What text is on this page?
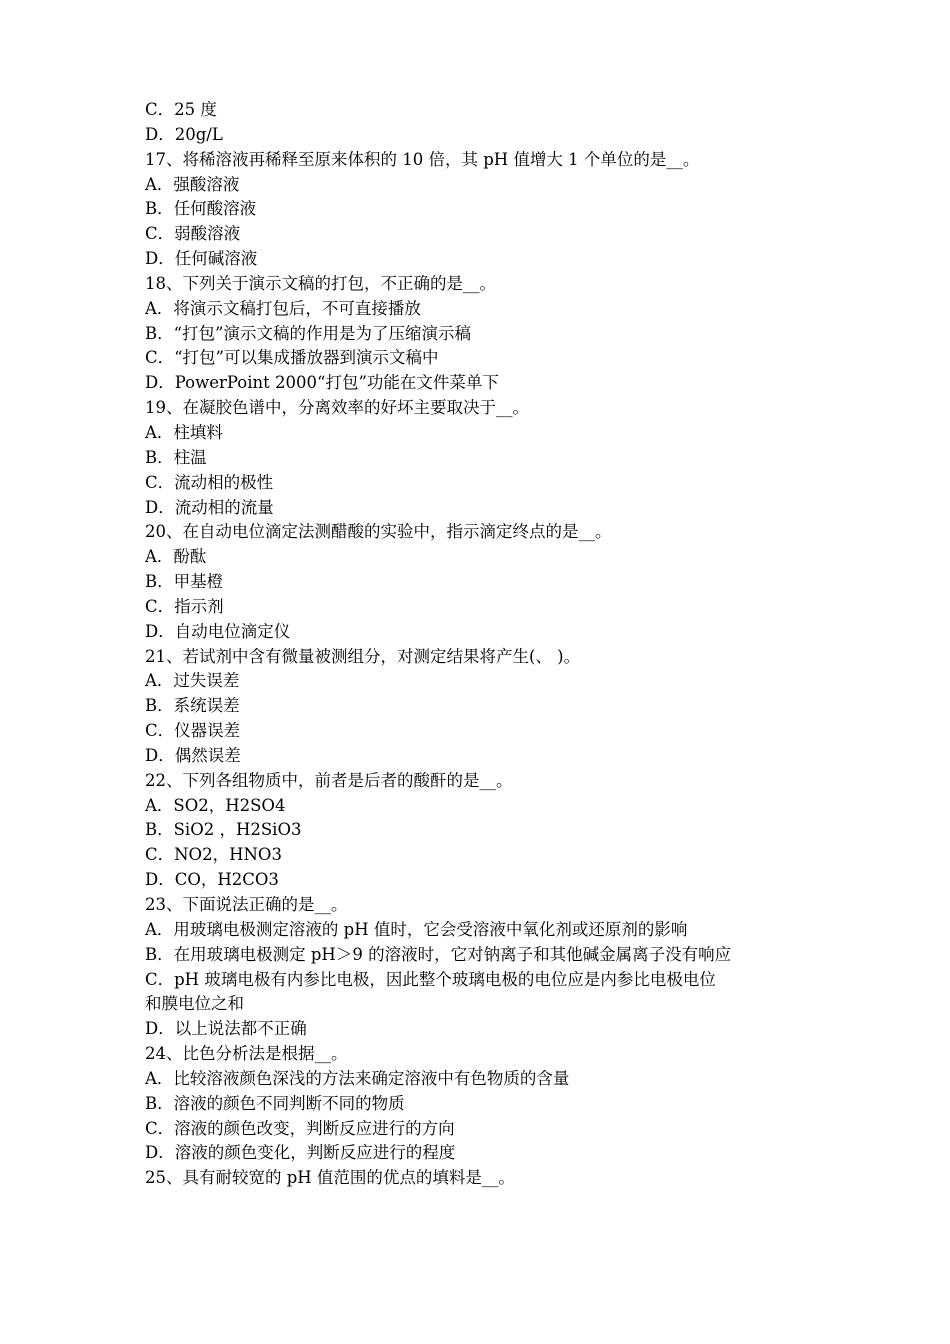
C．25 度
D．20g/L
17、将稀溶液再稀释至原来体积的 10 倍，其 pH 值增大 1 个单位的是__。
A．强酸溶液
B．任何酸溶液
C．弱酸溶液
D．任何碱溶液
18、下列关于演示文稿的打包，不正确的是__。
A．将演示文稿打包后，不可直接播放
B．“打包”演示文稿的作用是为了压缩演示稿
C．“打包”可以集成播放器到演示文稿中
D．PowerPoint 2000“打包”功能在文件菜单下
19、在凝胶色谱中，分离效率的好坏主要取决于__。
A．柱填料
B．柱温
C．流动相的极性
D．流动相的流量
20、在自动电位滴定法测醋酸的实验中，指示滴定终点的是__。
A．酚酞
B．甲基橙
C．指示剂
D．自动电位滴定仪
21、若试剂中含有微量被测组分，对测定结果将产生(、 )。
A．过失误差
B．系统误差
C．仪器误差
D．偶然误差
22、下列各组物质中，前者是后者的酸酐的是__。
A．SO2，H2SO4
B．SiO2 ，H2SiO3
C．NO2，HNO3
D．CO，H2CO3
23、下面说法正确的是__。
A．用玻璃电极测定溶液的 pH 值时，它会受溶液中氧化剂或还原剂的影响
B．在用玻璃电极测定 pH＞9 的溶液时，它对钠离子和其他碱金属离子没有响应
C．pH 玻璃电极有内参比电极，因此整个玻璃电极的电位应是内参比电极电位
和膜电位之和
D．以上说法都不正确
24、比色分析法是根据__。
A．比较溶液颜色深浅的方法来确定溶液中有色物质的含量
B．溶液的颜色不同判断不同的物质
C．溶液的颜色改变，判断反应进行的方向
D．溶液的颜色变化，判断反应进行的程度
25、具有耐较宽的 pH 值范围的优点的填料是__。
